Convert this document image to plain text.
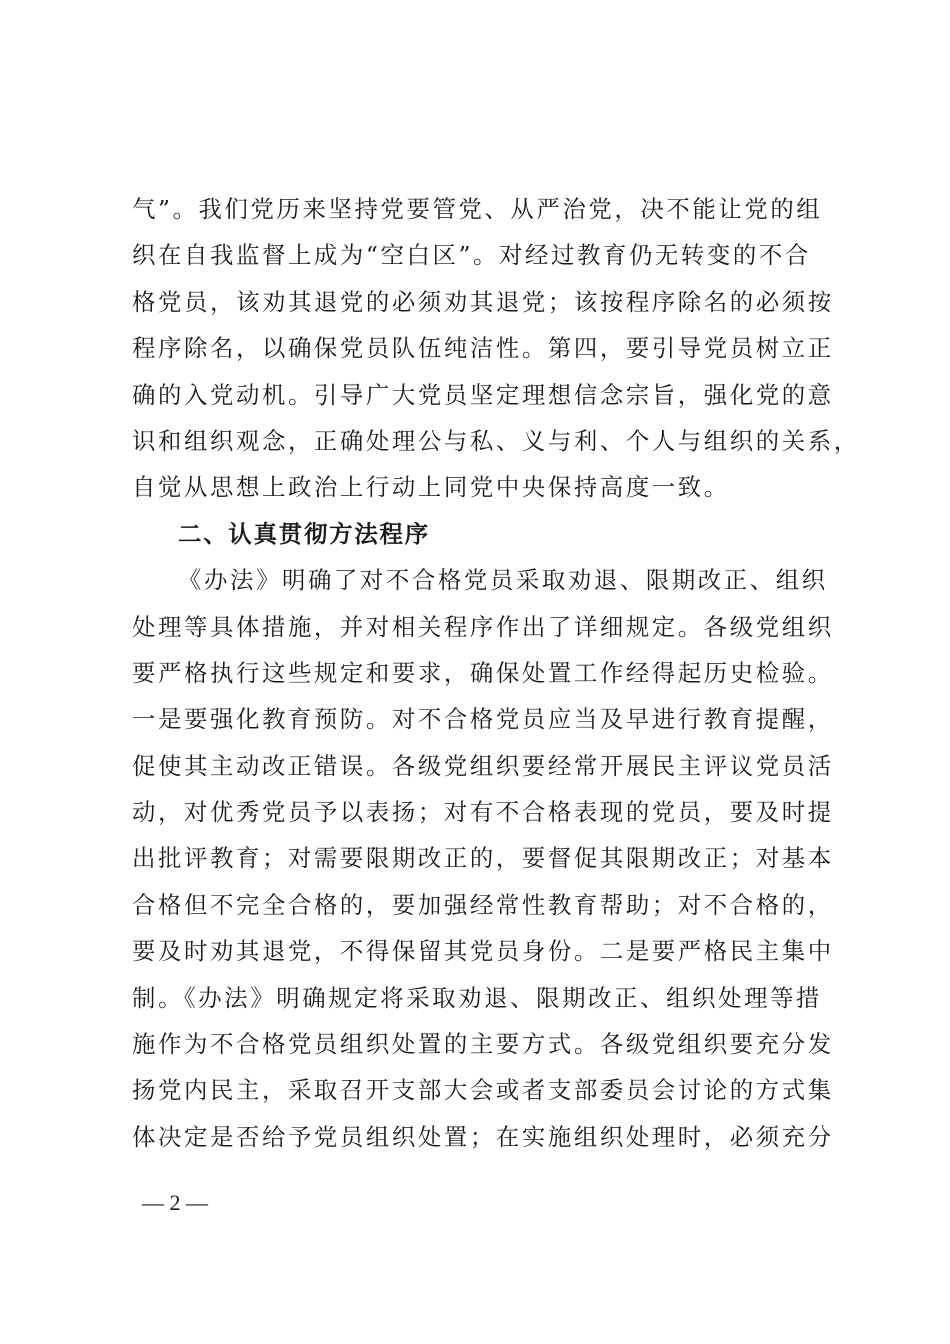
气”。我们党历来坚持党要管党、从严治党，决不能让党的组
织在自我监督上成为“空白区”。对经过教育仍无转变的不合
格党员，该劝其退党的必须劝其退党；该按程序除名的必须按
程序除名，以确保党员队伍纯洁性。第四，要引导党员树立正
确的入党动机。引导广大党员坚定理想信念宗旨，强化党的意
识和组织观念，正确处理公与私、义与利、个人与组织的关系，
自觉从思想上政治上行动上同党中央保持高度一致。
二、认真贯彻方法程序
《办法》明确了对不合格党员采取劝退、限期改正、组织
处理等具体措施，并对相关程序作出了详细规定。各级党组织
要严格执行这些规定和要求，确保处置工作经得起历史检验。
一是要强化教育预防。对不合格党员应当及早进行教育提醒，
促使其主动改正错误。各级党组织要经常开展民主评议党员活
动，对优秀党员予以表扬；对有不合格表现的党员，要及时提
出批评教育；对需要限期改正的，要督促其限期改正；对基本
合格但不完全合格的，要加强经常性教育帮助；对不合格的，
要及时劝其退党，不得保留其党员身份。二是要严格民主集中
制。《办法》明确规定将采取劝退、限期改正、组织处理等措
施作为不合格党员组织处置的主要方式。各级党组织要充分发
扬党内民主，采取召开支部大会或者支部委员会讨论的方式集
体决定是否给予党员组织处置；在实施组织处理时，必须充分
— 2 —
